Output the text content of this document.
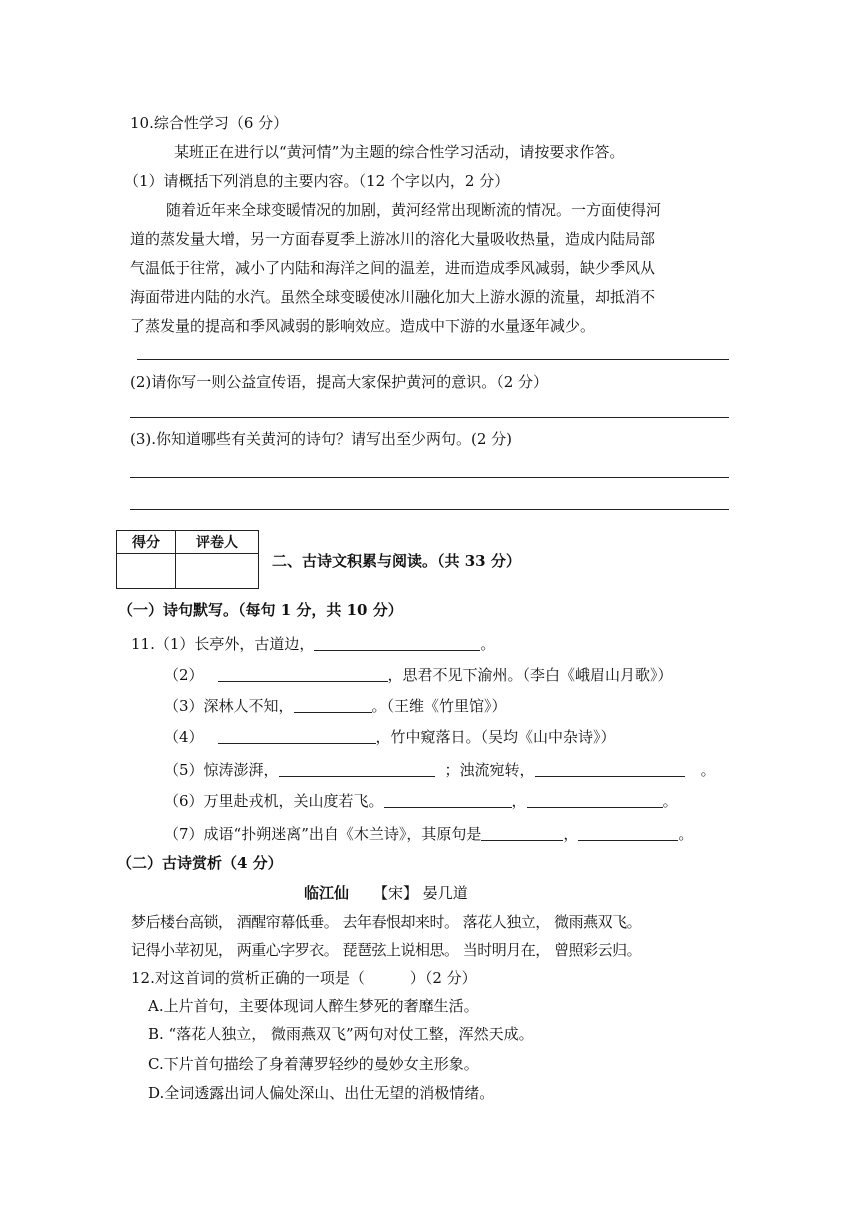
10.综合性学习（6 分）
某班正在进行以“黄河情”为主题的综合性学习活动，请按要求作答。
（1）请概括下列消息的主要内容。（12 个字以内，2 分）
随着近年来全球变暖情况的加剧，黄河经常出现断流的情况。一方面使得河
道的蒸发量大增，另一方面春夏季上游冰川的溶化大量吸收热量，造成内陆局部
气温低于往常，减小了内陆和海洋之间的温差，进而造成季风减弱，缺少季风从
海面带进内陆的水汽。虽然全球变暖使冰川融化加大上游水源的流量，却抵消不
了蒸发量的提高和季风减弱的影响效应。造成中下游的水量逐年减少。
(2)请你写一则公益宣传语，提高大家保护黄河的意识。（2 分）
(3).你知道哪些有关黄河的诗句？请写出至少两句。(2 分)
得分	评卷人

二、古诗文积累与阅读。（共 33 分）
（一）诗句默写。（每句 1 分，共 10 分）
11.（1）长亭外，古道边，	。
（2）	，思君不见下渝州。（李白《峨眉山月歌》）
（3）深林人不知，	。（王维《竹里馆》）
（4）	，竹中窥落日。（吴均《山中杂诗》）
（5）惊涛澎湃，	；浊流宛转，	。
（6）万里赴戎机，关山度若飞。	，	。
（7）成语“扑朔迷离”出自《木兰诗》，其原句是	，	。
（二）古诗赏析（4 分）
临江仙 【宋】 晏几道
梦后楼台高锁， 酒醒帘幕低垂。 去年春恨却来时。 落花人独立， 微雨燕双飞。
记得小苹初见， 两重心字罗衣。 琵琶弦上说相思。 当时明月在， 曾照彩云归。
12.对这首词的赏析正确的一项是（　　　）（2 分）
A.上片首句，主要体现词人醉生梦死的奢靡生活。
B. “落花人独立， 微雨燕双飞”两句对仗工整，浑然天成。
C.下片首句描绘了身着薄罗轻纱的曼妙女主形象。
D.全词透露出词人偏处深山、出仕无望的消极情绪。
